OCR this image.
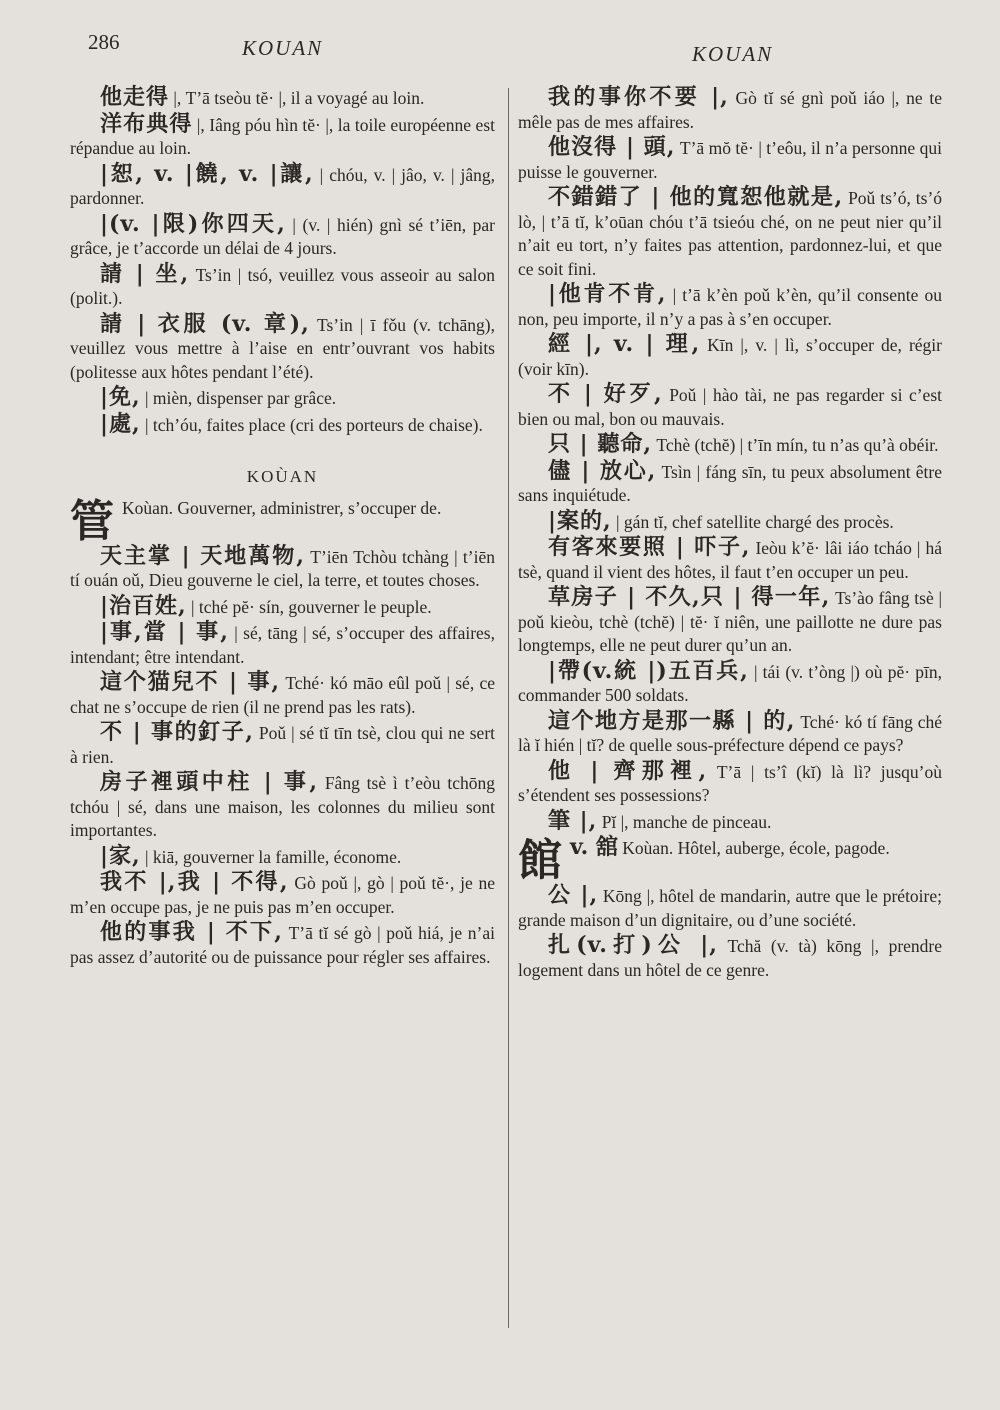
286	KOUAN	KOUAN
他走得 |, T’ā tseòu tĕ· |, il a voyagé au loin.
洋布典得 |, Iâng póu hìn tĕ· |, la toile européenne est répandue au loin.
|恕, v. |饒, v. |讓, | chóu, v. | jâo, v. | jâng, pardonner.
|(v. |限)你四天, | (v. | hién) gnì sé t’iēn, par grâce, je t’accorde un délai de 4 jours.
請 | 坐, Ts’in | tsó, veuillez vous asseoir au salon (polit.).
請 | 衣服 (v. 章), Ts’in | ī fǒu (v. tchāng), veuillez vous mettre à l’aise en entr’ouvrant vos habits (politesse aux hôtes pendant l’été).
|免, | mièn, dispenser par grâce.
|處, | tch’óu, faites place (cri des porteurs de chaise).
KOÙAN
管 Koùan. Gouverner, administrer, s’occuper de.
天主掌 | 天地萬物, T’iēn Tchòu tchàng | t’iēn tí ouán oǔ, Dieu gouverne le ciel, la terre, et toutes choses.
|治百姓, | tché pĕ· sín, gouverner le peuple.
|事,當 | 事, | sé, tāng | sé, s’occuper des affaires, intendant; être intendant.
這个猫兒不 | 事, Tché· kó māo eûl poǔ | sé, ce chat ne s’occupe de rien (il ne prend pas les rats).
不 | 事的釘子, Poǔ | sé tĭ tīn tsè, clou qui ne sert à rien.
房子裡頭中柱 | 事, Fâng tsè ì t’eòu tchōng tchóu | sé, dans une maison, les colonnes du milieu sont importantes.
|家, | kiā, gouverner la famille, économe.
我不 |,我 | 不得, Gò poǔ |, gò | poǔ tĕ·, je ne m’en occupe pas, je ne puis pas m’en occuper.
他的事我 | 不下, T’ā tĭ sé gò | poǔ hiá, je n’ai pas assez d’autorité ou de puissance pour régler ses affaires.
我的事你不要 |, Gò tĭ sé gnì poǔ iáo |, ne te mêle pas de mes affaires.
他沒得 | 頭, T’ā mŏ tĕ· | t’eôu, il n’a personne qui puisse le gouverner.
不錯錯了 | 他的寬恕他就是, Poǔ ts’ó, ts’ó lò, | t’ā tĭ, k’oūan chóu t’ā tsieóu ché, on ne peut nier qu’il n’ait eu tort, n’y faites pas attention, pardonnez-lui, et que ce soit fini.
|他肯不肯, | t’ā k’èn poǔ k’èn, qu’il consente ou non, peu importe, il n’y a pas à s’en occuper.
經 |, v. | 理, Kīn |, v. | lì, s’occuper de, régir (voir kīn).
不 | 好歹, Poǔ | hào tài, ne pas regarder si c’est bien ou mal, bon ou mauvais.
只 | 聽命, Tchè (tchĕ) | t’īn mín, tu n’as qu’à obéir.
儘 | 放心, Tsìn | fáng sīn, tu peux absolument être sans inquiétude.
|案的, | gán tĭ, chef satellite chargé des procès.
有客來要照 | 吓子, Ieòu k’ĕ· lâi iáo tcháo | há tsè, quand il vient des hôtes, il faut t’en occuper un peu.
草房子 | 不久,只 | 得一年, Ts’ào fâng tsè | poǔ kieòu, tchè (tchĕ) | tĕ· ĭ niên, une paillotte ne dure pas longtemps, elle ne peut durer qu’un an.
|帶(v.統 |)五百兵, | tái (v. t’òng |) où pĕ· pīn, commander 500 soldats.
這个地方是那一縣 | 的, Tché· kó tí fāng ché là ĭ hién | tĭ? de quelle sous-préfecture dépend ce pays?
他 | 齊那裡, T’ā | ts’î (kĭ) là lì? jusqu’où s’étendent ses possessions?
筆 |, Pĭ |, manche de pinceau.
館 v. 舘 Koùan. Hôtel, auberge, école, pagode.
公 |, Kōng |, hôtel de mandarin, autre que le prétoire; grande maison d’un dignitaire, ou d’une société.
扎(v.打)公 |, Tchă (v. tà) kōng |, prendre logement dans un hôtel de ce genre.
